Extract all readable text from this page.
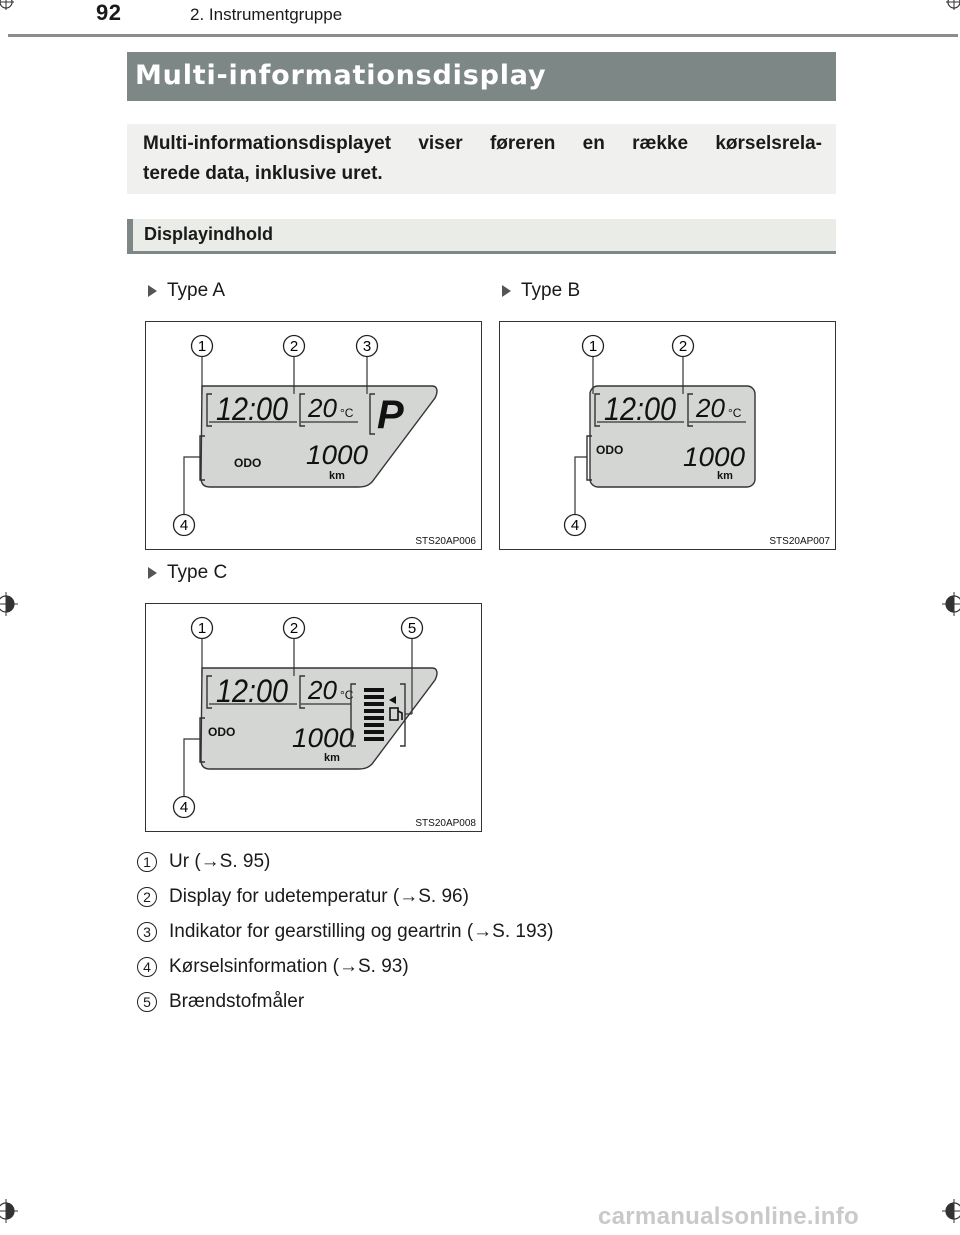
92	2. Instrumentgruppe
Multi-informationsdisplay
Multi-informationsdisplayet viser føreren en række kørselsrela-
terede data, inklusive uret.
Displayindhold
Type A	Type B
Type C
12:00 20 °C P
ODO 1000
km
1	2	3
4
STS20AP006
12:00 20 °C
ODO 1000
km
1	2
4
STS20AP007
12:00 20 °C
ODO 1000
km
1	2	5
4
STS20AP008
1 Ur ( → S. 95)
2 Display for udetemperatur ( → S. 96)
3 Indikator for gearstilling og geartrin ( → S. 193)
4 Kørselsinformation ( → S. 93)
5 Brændstofmåler
carmanualsonline.info
